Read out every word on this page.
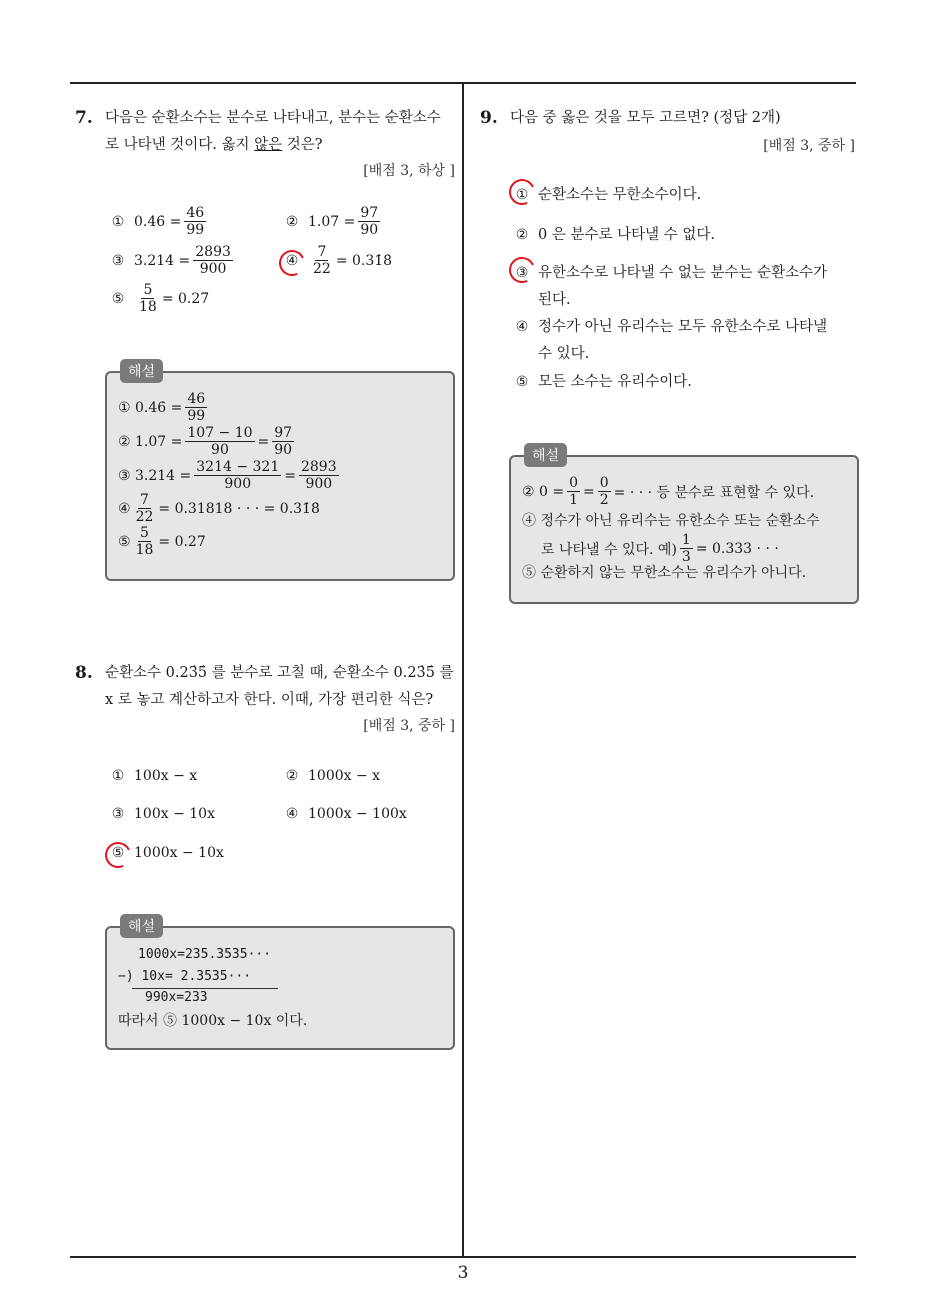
7. 다음은 순환소수는 분수로 나타내고, 분수는 순환소수
로 나타낸 것이다. 옳지 않은 것은?
[배점 3, 하상 ]
① 0.4̇6̇ = $\frac{46}{99}$	② 1.07̇ = $\frac{97}{90}$
③ 3.214̇ = $\frac{2893}{900}$	④ $\frac{7}{22}$ = 0.31̇8̇
⑤ $\frac{5}{18}$ = 0.27̇
해설
① 0.4̇6̇ = $\frac{46}{99}$
② 1.07̇ = $\frac{107 - 10}{90} = \frac{97}{90}$
③ 3.214̇ = $\frac{3214 - 321}{900} = \frac{2893}{900}$
④ $\frac{7}{22} = 0.31818$ · · · = 0.31̇8̇
⑤ $\frac{5}{18}$ = 0.27̇
8. 순환소수 0.23̇5̇ 를 분수로 고칠 때, 순환소수 0.23̇5̇ 를
x 로 놓고 계산하고자 한다. 이때, 가장 편리한 식은?
[배점 3, 중하 ]
① 100x − x	② 1000x − x
③ 100x − 10x	④ 1000x − 100x
⑤ 1000x − 10x
해설
1000x=235.3535···
−) 10x= 2.3535···
990x=233
따라서 ⑤ 1000x − 10x 이다.
9. 다음 중 옳은 것을 모두 고르면? (정답 2개)
[배점 3, 중하 ]
① 순환소수는 무한소수이다.
② 0 은 분수로 나타낼 수 없다.
③ 유한소수로 나타낼 수 없는 분수는 순환소수가
된다.
④ 정수가 아닌 유리수는 모두 유한소수로 나타낼
수 있다.
⑤ 모든 소수는 유리수이다.
해설
② $0 = \frac{0}{1} = \frac{0}{2}$ = · · · 등 분수로 표현할 수 있다.
④ 정수가 아닌 유리수는 유한소수 또는 순환소수
로 나타낼 수 있다. 예) $\frac{1}{3} = 0.333$ · · ·
⑤ 순환하지 않는 무한소수는 유리수가 아니다.
3
